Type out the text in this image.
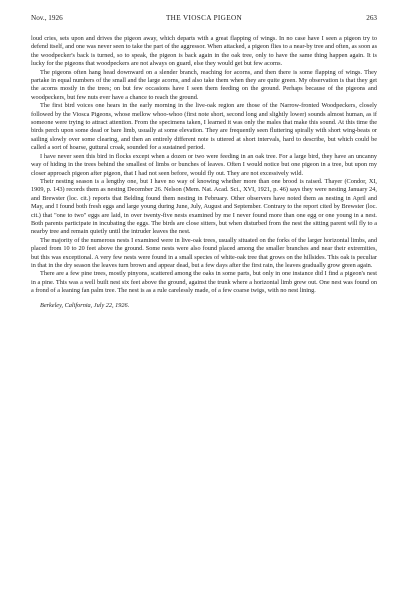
Nov., 1926	THE VIOSCA PIGEON	263

loud cries, sets upon and drives the pigeon away, which departs with a great flapping of wings. In no case have I seen a pigeon try to defend itself, and one was never seen to take the part of the aggressor. When attacked, a pigeon flies to a near-by tree and often, as soon as the woodpecker's back is turned, so to speak, the pigeon is back again in the oak tree, only to have the same thing happen again. It is lucky for the pigeons that woodpeckers are not always on guard, else they would get but few acorns.

The pigeons often hang head downward on a slender branch, reaching for acorns, and then there is some flapping of wings. They partake in equal numbers of the small and the large acorns, and also take them when they are quite green. My observation is that they get the acorns mostly in the trees; on but few occasions have I seen them feeding on the ground. Perhaps because of the pigeons and woodpeckers, but few nuts ever have a chance to reach the ground.

The first bird voices one hears in the early morning in the live-oak region are those of the Narrow-fronted Woodpeckers, closely followed by the Viosca Pigeons, whose mellow whoo-whoo (first note short, second long and slightly lower) sounds almost human, as if someone were trying to attract attention. From the specimens taken, I learned it was only the males that make this sound. At this time the birds perch upon some dead or bare limb, usually at some elevation. They are frequently seen fluttering spirally with short wing-beats or sailing slowly over some clearing, and then an entirely different note is uttered at short intervals, hard to describe, but which could be called a sort of hoarse, guttural croak, sounded for a sustained period.

I have never seen this bird in flocks except when a dozen or two were feeding in an oak tree. For a large bird, they have an uncanny way of hiding in the trees behind the smallest of limbs or bunches of leaves. Often I would notice but one pigeon in a tree, but upon my closer approach pigeon after pigeon, that I had not seen before, would fly out. They are not excessively wild.

Their nesting season is a lengthy one, but I have no way of knowing whether more than one brood is raised. Thayer (Condor, XI, 1909, p. 143) records them as nesting December 26. Nelson (Mem. Nat. Acad. Sci., XVI, 1921, p. 46) says they were nesting January 24, and Brewster (loc. cit.) reports that Belding found them nesting in February. Other observers have noted them as nesting in April and May, and I found both fresh eggs and large young during June, July, August and September. Contrary to the report cited by Brewster (loc. cit.) that "one to two" eggs are laid, in over twenty-five nests examined by me I never found more than one egg or one young in a nest. Both parents participate in incubating the eggs. The birds are close sitters, but when disturbed from the nest the sitting parent will fly to a nearby tree and remain quietly until the intruder leaves the nest.

The majority of the numerous nests I examined were in live-oak trees, usually situated on the forks of the larger horizontal limbs, and placed from 10 to 20 feet above the ground. Some nests were also found placed among the smaller branches and near their extremities, but this was exceptional. A very few nests were found in a small species of white-oak tree that grows on the hillsides. This oak is peculiar in that in the dry season the leaves turn brown and appear dead, but a few days after the first rain, the leaves gradually grow green again.

There are a few pine trees, mostly pinyons, scattered among the oaks in some parts, but only in one instance did I find a pigeon's nest in a pine. This was a well built nest six feet above the ground, against the trunk where a horizontal limb grew out. One nest was found on a frond of a leaning fan palm tree. The nest is as a rule carelessly made, of a few coarse twigs, with no nest lining.

Berkeley, California, July 22, 1926.
